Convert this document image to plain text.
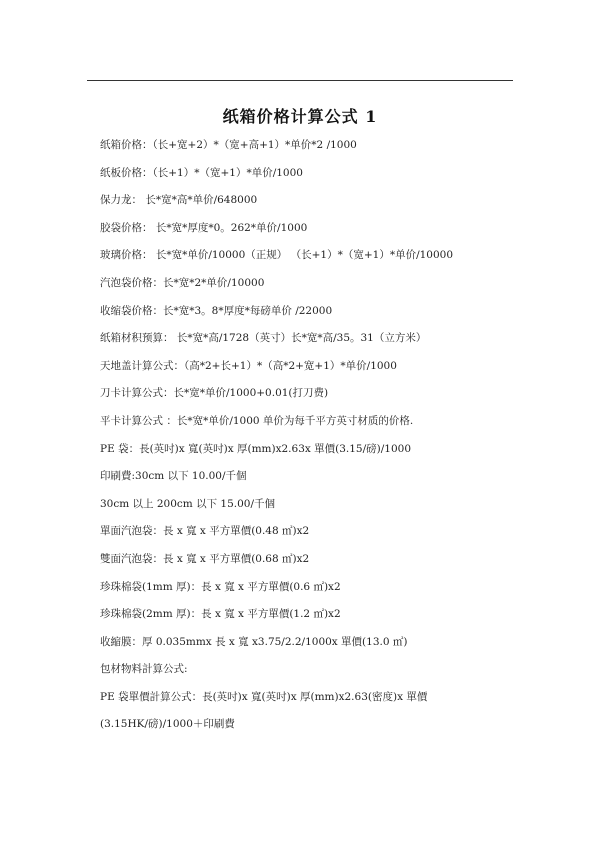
纸箱价格计算公式 1
纸箱价格：（长+宽+2）*（宽+高+1）*单价*2 /1000
纸板价格：（长+1）*（宽+1）*单价/1000
保力龙： 长*宽*高*单价/648000
胶袋价格： 长*宽*厚度*0。262*单价/1000
玻璃价格： 长*宽*单价/10000（正规） （长+1）*（宽+1）*单价/10000
汽泡袋价格：长*宽*2*单价/10000
收缩袋价格：长*宽*3。8*厚度*每磅单价 /22000
纸箱材积预算： 长*宽*高/1728（英寸）长*宽*高/35。31（立方米）
天地盖计算公式：（高*2+长+1）*（高*2+宽+1）*单价/1000
刀卡计算公式：长*宽*单价/1000+0.01(打刀费)
平卡计算公式 ：长*宽*单价/1000 单价为每千平方英寸材质的价格.
PE 袋：長(英吋)x 寬(英吋)x 厚(mm)x2.63x 單價(3.15/磅)/1000
印刷費:30cm 以下 10.00/千個
30cm 以上 200cm 以下 15.00/千個
單面汽泡袋：長 x 寬 x 平方單價(0.48 ㎡)x2
雙面汽泡袋：長 x 寬 x 平方單價(0.68 ㎡)x2
珍珠棉袋(1mm 厚)：長 x 寬 x 平方單價(0.6 ㎡)x2
珍珠棉袋(2mm 厚)：長 x 寬 x 平方單價(1.2 ㎡)x2
收縮膜：厚 0.035mmx 長 x 寬 x3.75/2.2/1000x 單價(13.0 ㎡)
包材物料計算公式:
PE 袋單價計算公式：長(英吋)x 寬(英吋)x 厚(mm)x2.63(密度)x 單價
(3.15HK/磅)/1000＋印刷費
